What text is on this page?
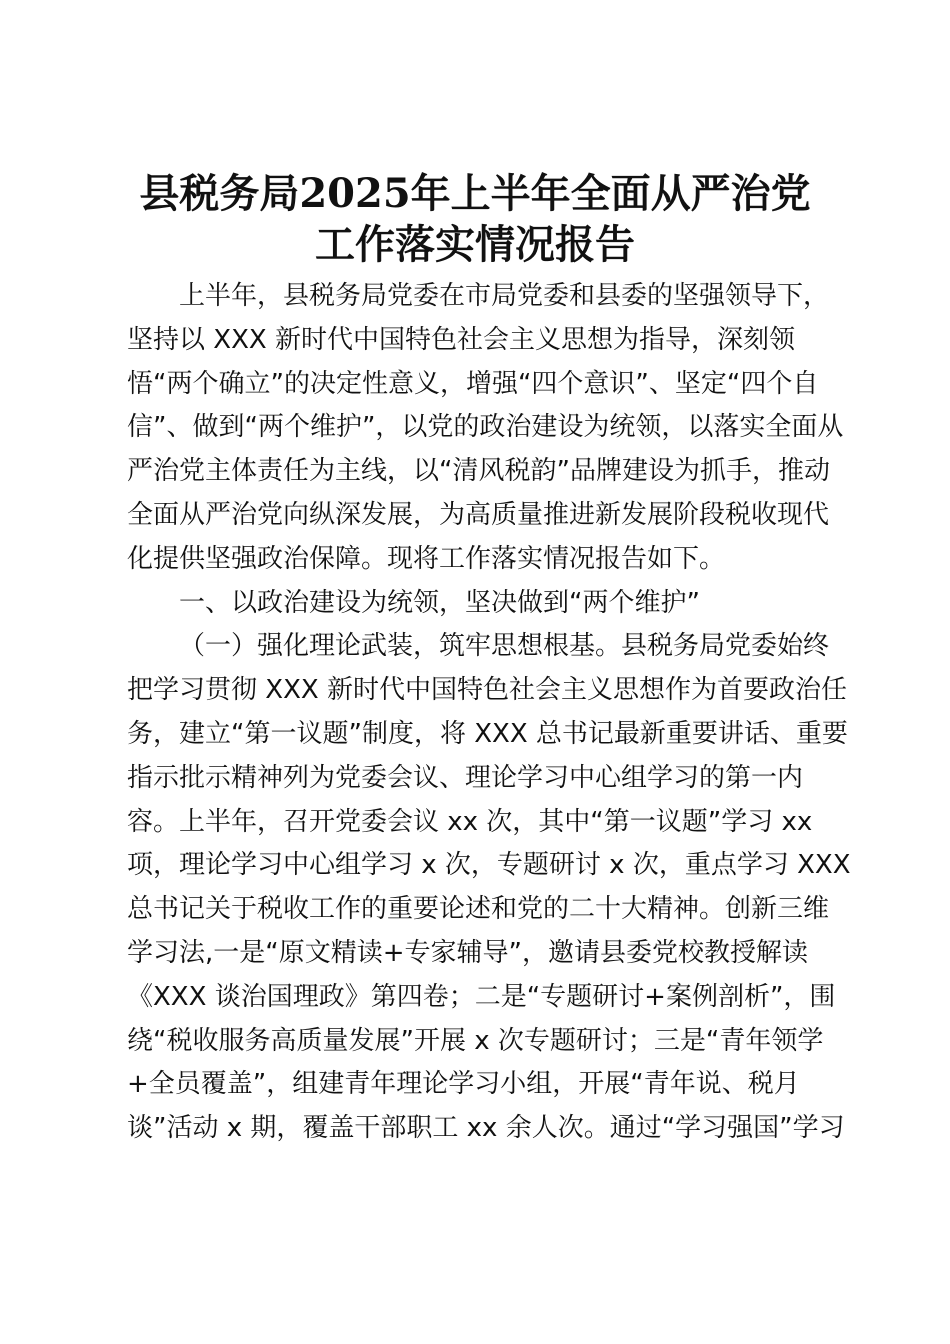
县税务局2025年上半年全面从严治党
工作落实情况报告
上半年，县税务局党委在市局党委和县委的坚强领导下，
坚持以 XXX 新时代中国特色社会主义思想为指导，深刻领
悟“两个确立”的决定性意义，增强“四个意识”、坚定“四个自
信”、做到“两个维护”，以党的政治建设为统领，以落实全面从
严治党主体责任为主线，以“清风税韵”品牌建设为抓手，推动
全面从严治党向纵深发展，为高质量推进新发展阶段税收现代
化提供坚强政治保障。现将工作落实情况报告如下。
一、以政治建设为统领，坚决做到“两个维护”
（一）强化理论武装，筑牢思想根基。县税务局党委始终
把学习贯彻 XXX 新时代中国特色社会主义思想作为首要政治任
务，建立“第一议题”制度，将 XXX 总书记最新重要讲话、重要
指示批示精神列为党委会议、理论学习中心组学习的第一内
容。上半年，召开党委会议 xx 次，其中“第一议题”学习 xx
项，理论学习中心组学习 x 次，专题研讨 x 次，重点学习 XXX
总书记关于税收工作的重要论述和党的二十大精神。创新三维
学习法,一是“原文精读+专家辅导”，邀请县委党校教授解读
《XXX 谈治国理政》第四卷；二是“专题研讨+案例剖析”，围
绕“税收服务高质量发展”开展 x 次专题研讨；三是“青年领学
+全员覆盖”，组建青年理论学习小组，开展“青年说、税月
谈”活动 x 期，覆盖干部职工 xx 余人次。通过“学习强国”学习
